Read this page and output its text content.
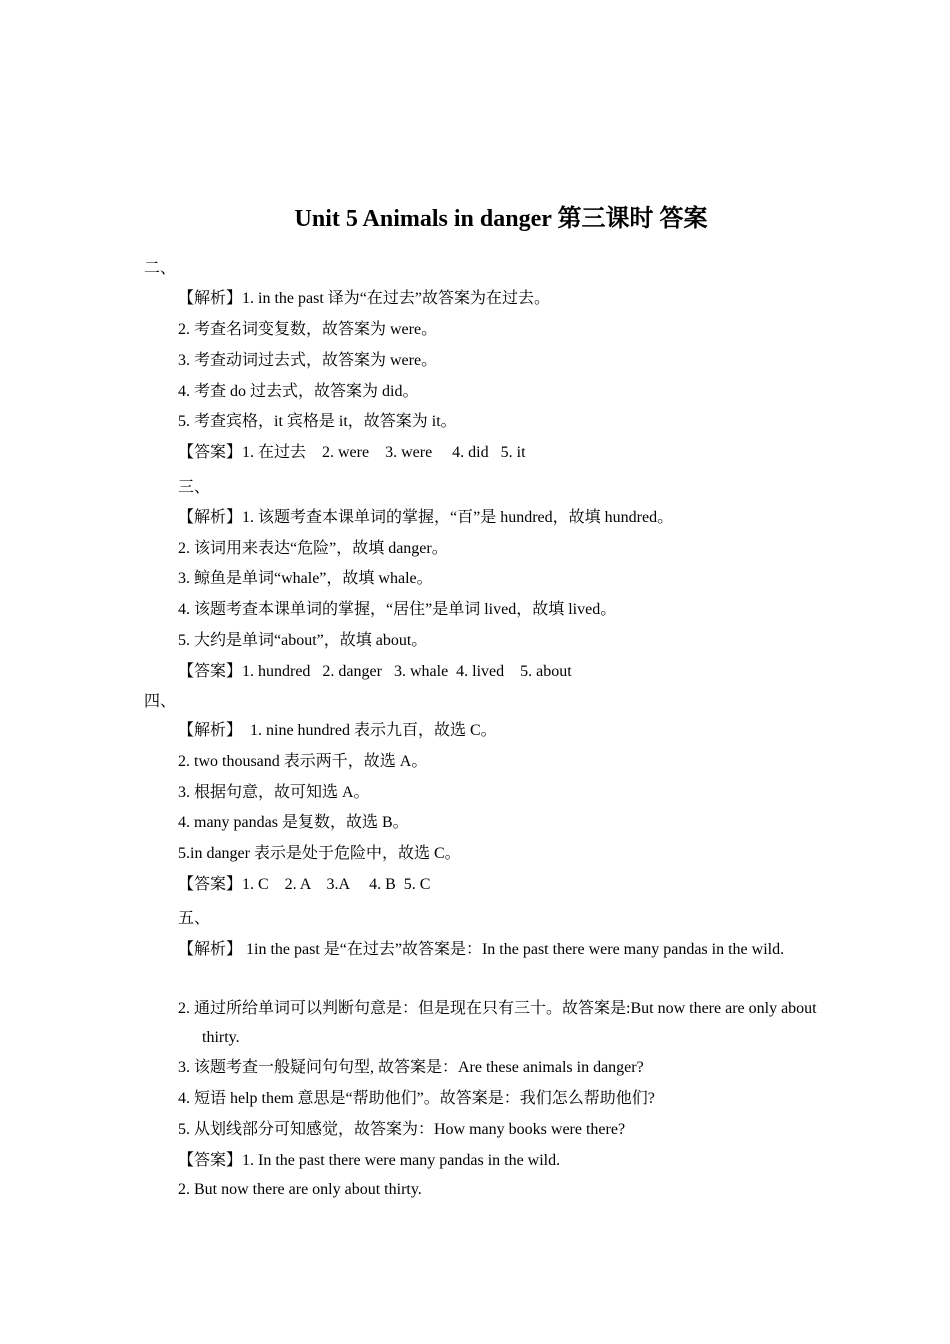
Unit 5 Animals in danger 第三课时 答案
二、
【解析】1. in the past 译为“在过去”故答案为在过去。
2. 考查名词变复数，故答案为 were。
3. 考查动词过去式，故答案为 were。
4. 考查 do 过去式，故答案为 did。
5. 考查宾格，it 宾格是 it，故答案为 it。
【答案】1. 在过去    2. were    3. were     4. did   5. it
三、
【解析】1. 该题考查本课单词的掌握，“百”是 hundred，故填 hundred。
2. 该词用来表达“危险”，故填 danger。
3. 鲸鱼是单词“whale”，故填 whale。
4. 该题考查本课单词的掌握，“居住”是单词 lived，故填 lived。
5. 大约是单词“about”，故填 about。
【答案】1. hundred   2. danger   3. whale  4. lived    5. about
四、
【解析】  1. nine hundred 表示九百，故选 C。
2. two thousand 表示两千，故选 A。
3. 根据句意，故可知选 A。
4. many pandas 是复数，故选 B。
5.in danger 表示是处于危险中，故选 C。
【答案】1. C    2. A    3.A     4. B  5. C
五、
【解析】 1in the past 是“在过去”故答案是：In the past there were many pandas in the wild.
2. 通过所给单词可以判断句意是：但是现在只有三十。故答案是:But now there are only about thirty.
3. 该题考查一般疑问句句型, 故答案是：Are these animals in danger?
4. 短语 help them 意思是“帮助他们”。故答案是：我们怎么帮助他们?
5. 从划线部分可知感觉，故答案为：How many books were there?
【答案】1. In the past there were many pandas in the wild.
2. But now there are only about thirty.
